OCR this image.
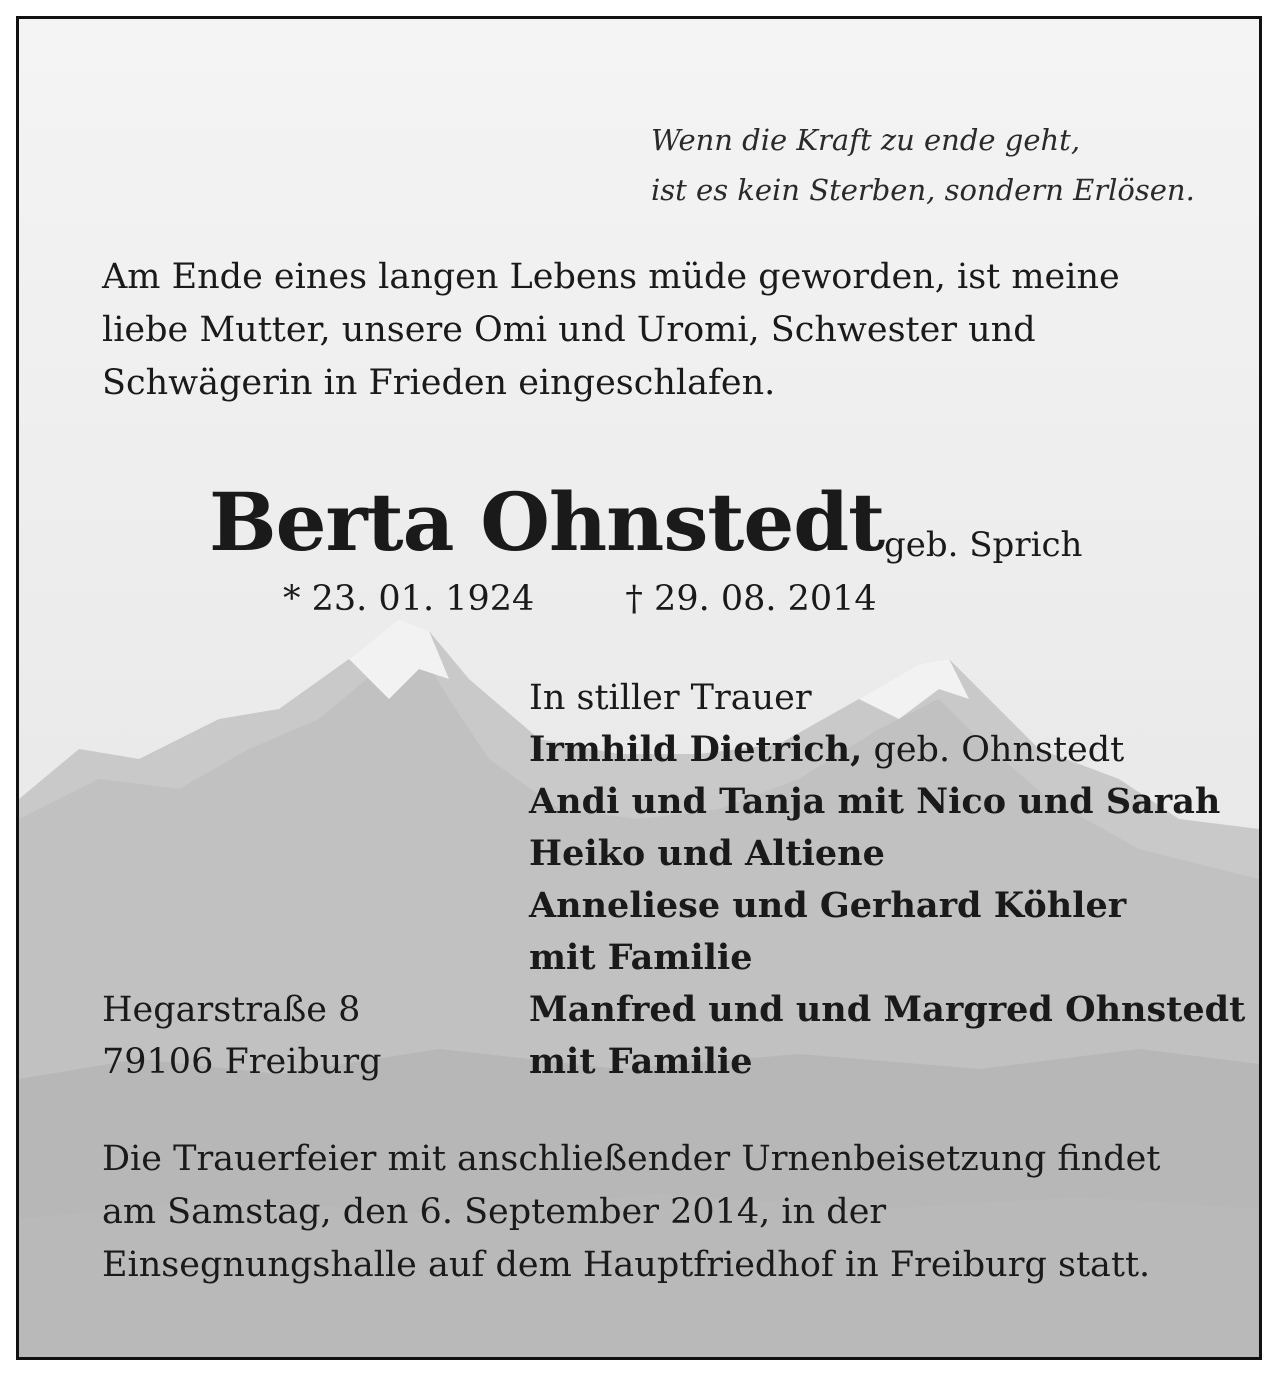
Wenn die Kraft zu ende geht,
ist es kein Sterben, sondern Erlösen.
Am Ende eines langen Lebens müde geworden, ist meine liebe Mutter, unsere Omi und Uromi, Schwester und Schwägerin in Frieden eingeschlafen.
Berta Ohnstedt geb. Sprich
* 23. 01. 1924	† 29. 08. 2014
In stiller Trauer
Irmhild Dietrich, geb. Ohnstedt
Andi und Tanja mit Nico und Sarah
Heiko und Altiene
Anneliese und Gerhard Köhler
mit Familie
Manfred und und Margred Ohnstedt
mit Familie
Hegarstraße 8
79106 Freiburg
Die Trauerfeier mit anschließender Urnenbeisetzung findet am Samstag, den 6. September 2014, in der Einsegnungshalle auf dem Hauptfriedhof in Freiburg statt.
